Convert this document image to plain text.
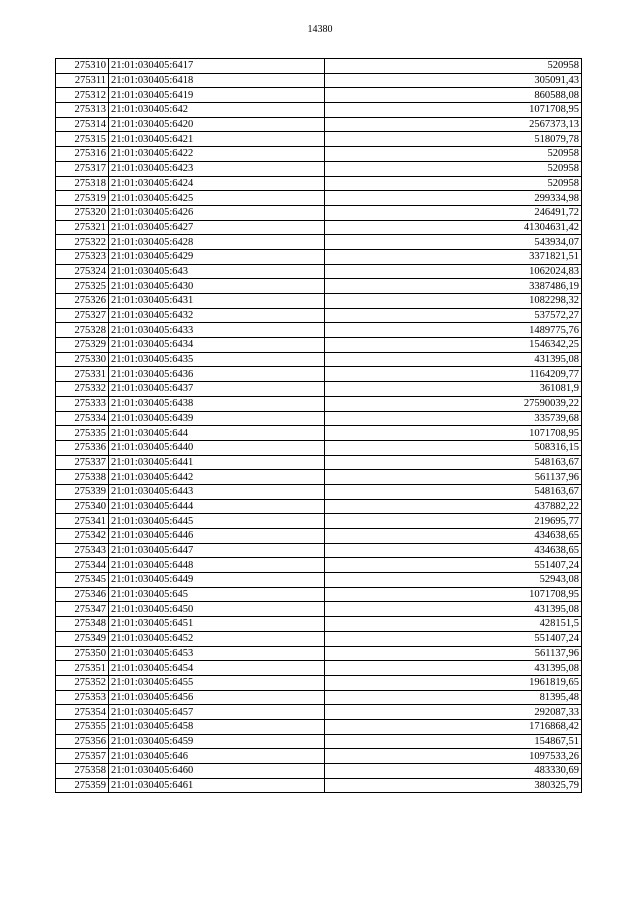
14380
275310	21:01:030405:6417	520958
275311	21:01:030405:6418	305091,43
275312	21:01:030405:6419	860588,08
275313	21:01:030405:642	1071708,95
275314	21:01:030405:6420	2567373,13
275315	21:01:030405:6421	518079,78
275316	21:01:030405:6422	520958
275317	21:01:030405:6423	520958
275318	21:01:030405:6424	520958
275319	21:01:030405:6425	299334,98
275320	21:01:030405:6426	246491,72
275321	21:01:030405:6427	41304631,42
275322	21:01:030405:6428	543934,07
275323	21:01:030405:6429	3371821,51
275324	21:01:030405:643	1062024,83
275325	21:01:030405:6430	3387486,19
275326	21:01:030405:6431	1082298,32
275327	21:01:030405:6432	537572,27
275328	21:01:030405:6433	1489775,76
275329	21:01:030405:6434	1546342,25
275330	21:01:030405:6435	431395,08
275331	21:01:030405:6436	1164209,77
275332	21:01:030405:6437	361081,9
275333	21:01:030405:6438	27590039,22
275334	21:01:030405:6439	335739,68
275335	21:01:030405:644	1071708,95
275336	21:01:030405:6440	508316,15
275337	21:01:030405:6441	548163,67
275338	21:01:030405:6442	561137,96
275339	21:01:030405:6443	548163,67
275340	21:01:030405:6444	437882,22
275341	21:01:030405:6445	219695,77
275342	21:01:030405:6446	434638,65
275343	21:01:030405:6447	434638,65
275344	21:01:030405:6448	551407,24
275345	21:01:030405:6449	52943,08
275346	21:01:030405:645	1071708,95
275347	21:01:030405:6450	431395,08
275348	21:01:030405:6451	428151,5
275349	21:01:030405:6452	551407,24
275350	21:01:030405:6453	561137,96
275351	21:01:030405:6454	431395,08
275352	21:01:030405:6455	1961819,65
275353	21:01:030405:6456	81395,48
275354	21:01:030405:6457	292087,33
275355	21:01:030405:6458	1716868,42
275356	21:01:030405:6459	154867,51
275357	21:01:030405:646	1097533,26
275358	21:01:030405:6460	483330,69
275359	21:01:030405:6461	380325,79
